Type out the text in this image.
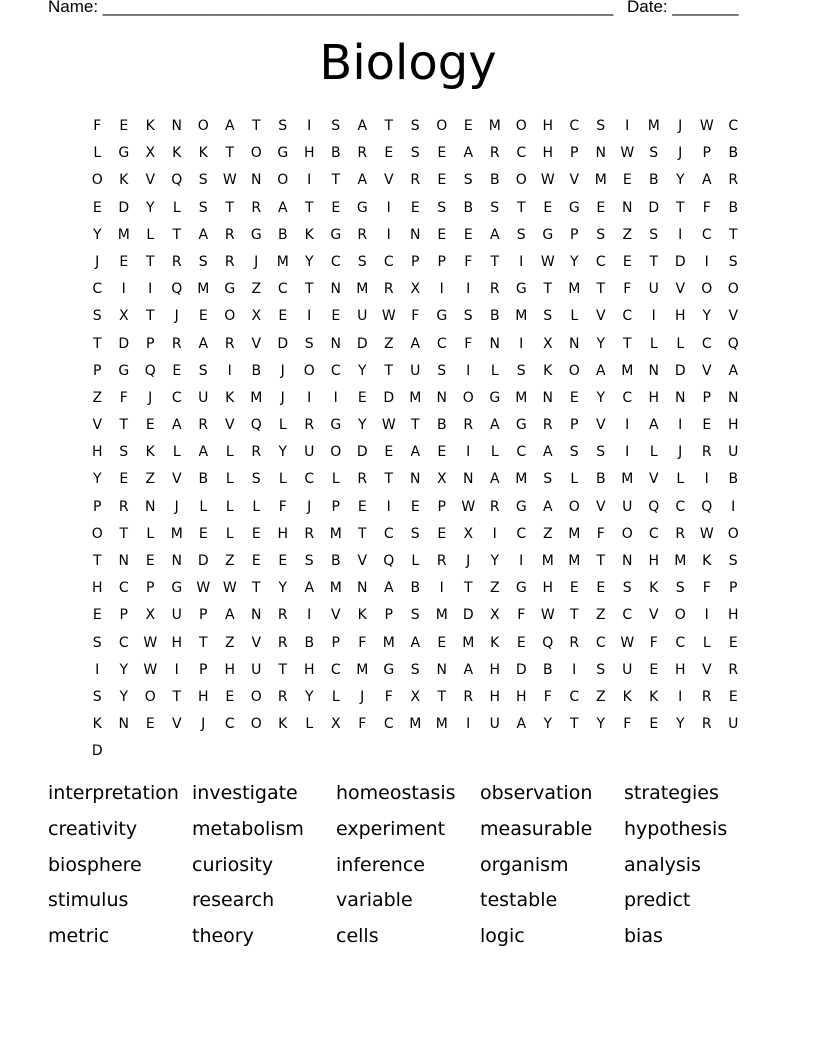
Name: ______________________________________________________ Date: _______
Biology
F	E	K	N	O	A	T	S	I	S	A	T	S	O	E	M	O	H	C	S	I	M	J	W	C
L	G	X	K	K	T	O	G	H	B	R	E	S	E	A	R	C	H	P	N	W	S	J	P	B
O	K	V	Q	S	W	N	O	I	T	A	V	R	E	S	B	O	W	V	M	E	B	Y	A	R
E	D	Y	L	S	T	R	A	T	E	G	I	E	S	B	S	T	E	G	E	N	D	T	F	B
Y	M	L	T	A	R	G	B	K	G	R	I	N	E	E	A	S	G	P	S	Z	S	I	C	T
J	E	T	R	S	R	J	M	Y	C	S	C	P	P	F	T	I	W	Y	C	E	T	D	I	S
C	I	I	Q	M	G	Z	C	T	N	M	R	X	I	I	R	G	T	M	T	F	U	V	O	O
S	X	T	J	E	O	X	E	I	E	U	W	F	G	S	B	M	S	L	V	C	I	H	Y	V
T	D	P	R	A	R	V	D	S	N	D	Z	A	C	F	N	I	X	N	Y	T	L	L	C	Q
P	G	Q	E	S	I	B	J	O	C	Y	T	U	S	I	L	S	K	O	A	M	N	D	V	A
Z	F	J	C	U	K	M	J	I	I	E	D	M	N	O	G	M	N	E	Y	C	H	N	P	N
V	T	E	A	R	V	Q	L	R	G	Y	W	T	B	R	A	G	R	P	V	I	A	I	E	H
H	S	K	L	A	L	R	Y	U	O	D	E	A	E	I	L	C	A	S	S	I	L	J	R	U
Y	E	Z	V	B	L	S	L	C	L	R	T	N	X	N	A	M	S	L	B	M	V	L	I	B
P	R	N	J	L	L	L	F	J	P	E	I	E	P	W	R	G	A	O	V	U	Q	C	Q	I
O	T	L	M	E	L	E	H	R	M	T	C	S	E	X	I	C	Z	M	F	O	C	R	W	O
T	N	E	N	D	Z	E	E	S	B	V	Q	L	R	J	Y	I	M	M	T	N	H	M	K	S
H	C	P	G	W W	T	Y	A	M	N	A	B	I	T	Z	G	H	E	E	S	K	S	F	P
E	P	X	U	P	A	N	R	I	V	K	P	S	M	D	X	F	W	T	Z	C	V	O	I	H
S	C	W	H	T	Z	V	R	B	P	F	M	A	E	M	K	E	Q	R	C	W	F	C	L	E
I	Y	W	I	P	H	U	T	H	C	M	G	S	N	A	H	D	B	I	S	U	E	H	V	R
S	Y	O	T	H	E	O	R	Y	L	J	F	X	T	R	H	H	F	C	Z	K	K	I	R	E
K	N	E	V	J	C	O	K	L	X	F	C	M	M	I	U	A	Y	T	Y	F	E	Y	R	U
D
interpretation investigate	homeostasis	observation	strategies
creativity	metabolism	experiment	measurable	hypothesis
biosphere	curiosity	inference	organism	analysis
stimulus	research	variable	testable	predict
metric	theory	cells	logic	bias
